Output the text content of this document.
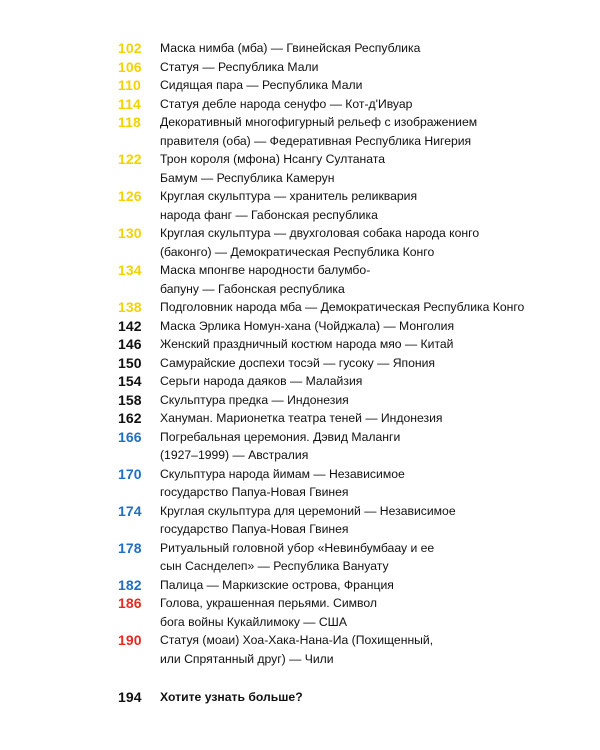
102	Маска нимба (мба) — Гвинейская Республика
106	Статуя — Республика Мали
110	Сидящая пара — Республика Мали
114	Статуя деблe народа сенуфо — Кот-д'Ивуар
118	Декоративный многофигурный рельеф с изображением
правителя (оба) — Федеративная Республика Нигерия
122	Трон короля (мфона) Нсангу Султаната
Бамум — Республика Камерун
126	Круглая скульптура — хранитель реликвария
народа фанг — Габонская республика
130	Круглая скульптура — двухголовая собака народа конго
(баконго) — Демократическая Республика Конго
134	Маска мпонгве народности балумбо-
бапуну — Габонская республика
138	Подголовник народа мба — Демократическая Республика Конго
142	Маска Эрлика Номун-хана (Чойджала) — Монголия
146	Женский праздничный костюм народа мяо — Китай
150	Самурайские доспехи тосэй — гусоку — Япония
154	Серьги народа даяков — Малайзия
158	Скульптура предка — Индонезия
162	Хануман. Марионетка театра теней — Индонезия
166	Погребальная церемония. Дэвид Маланги
(1927–1999) — Австралия
170	Скульптура народа йимам — Независимое
государство Папуа-Новая Гвинея
174	Круглая скульптура для церемоний — Независимое
государство Папуа-Новая Гвинея
178	Ритуальный головной убор «Невинбумбаау и ее
сын Саснделеп» — Республика Вануату
182	Палица — Маркизские острова, Франция
186	Голова, украшенная перьями. Символ
бога войны Кукайлимоку — США
190	Статуя (моаи) Хоа-Хака-Нана-Иа (Похищенный,
или Спрятанный друг) — Чили
194	Хотите узнать больше?
